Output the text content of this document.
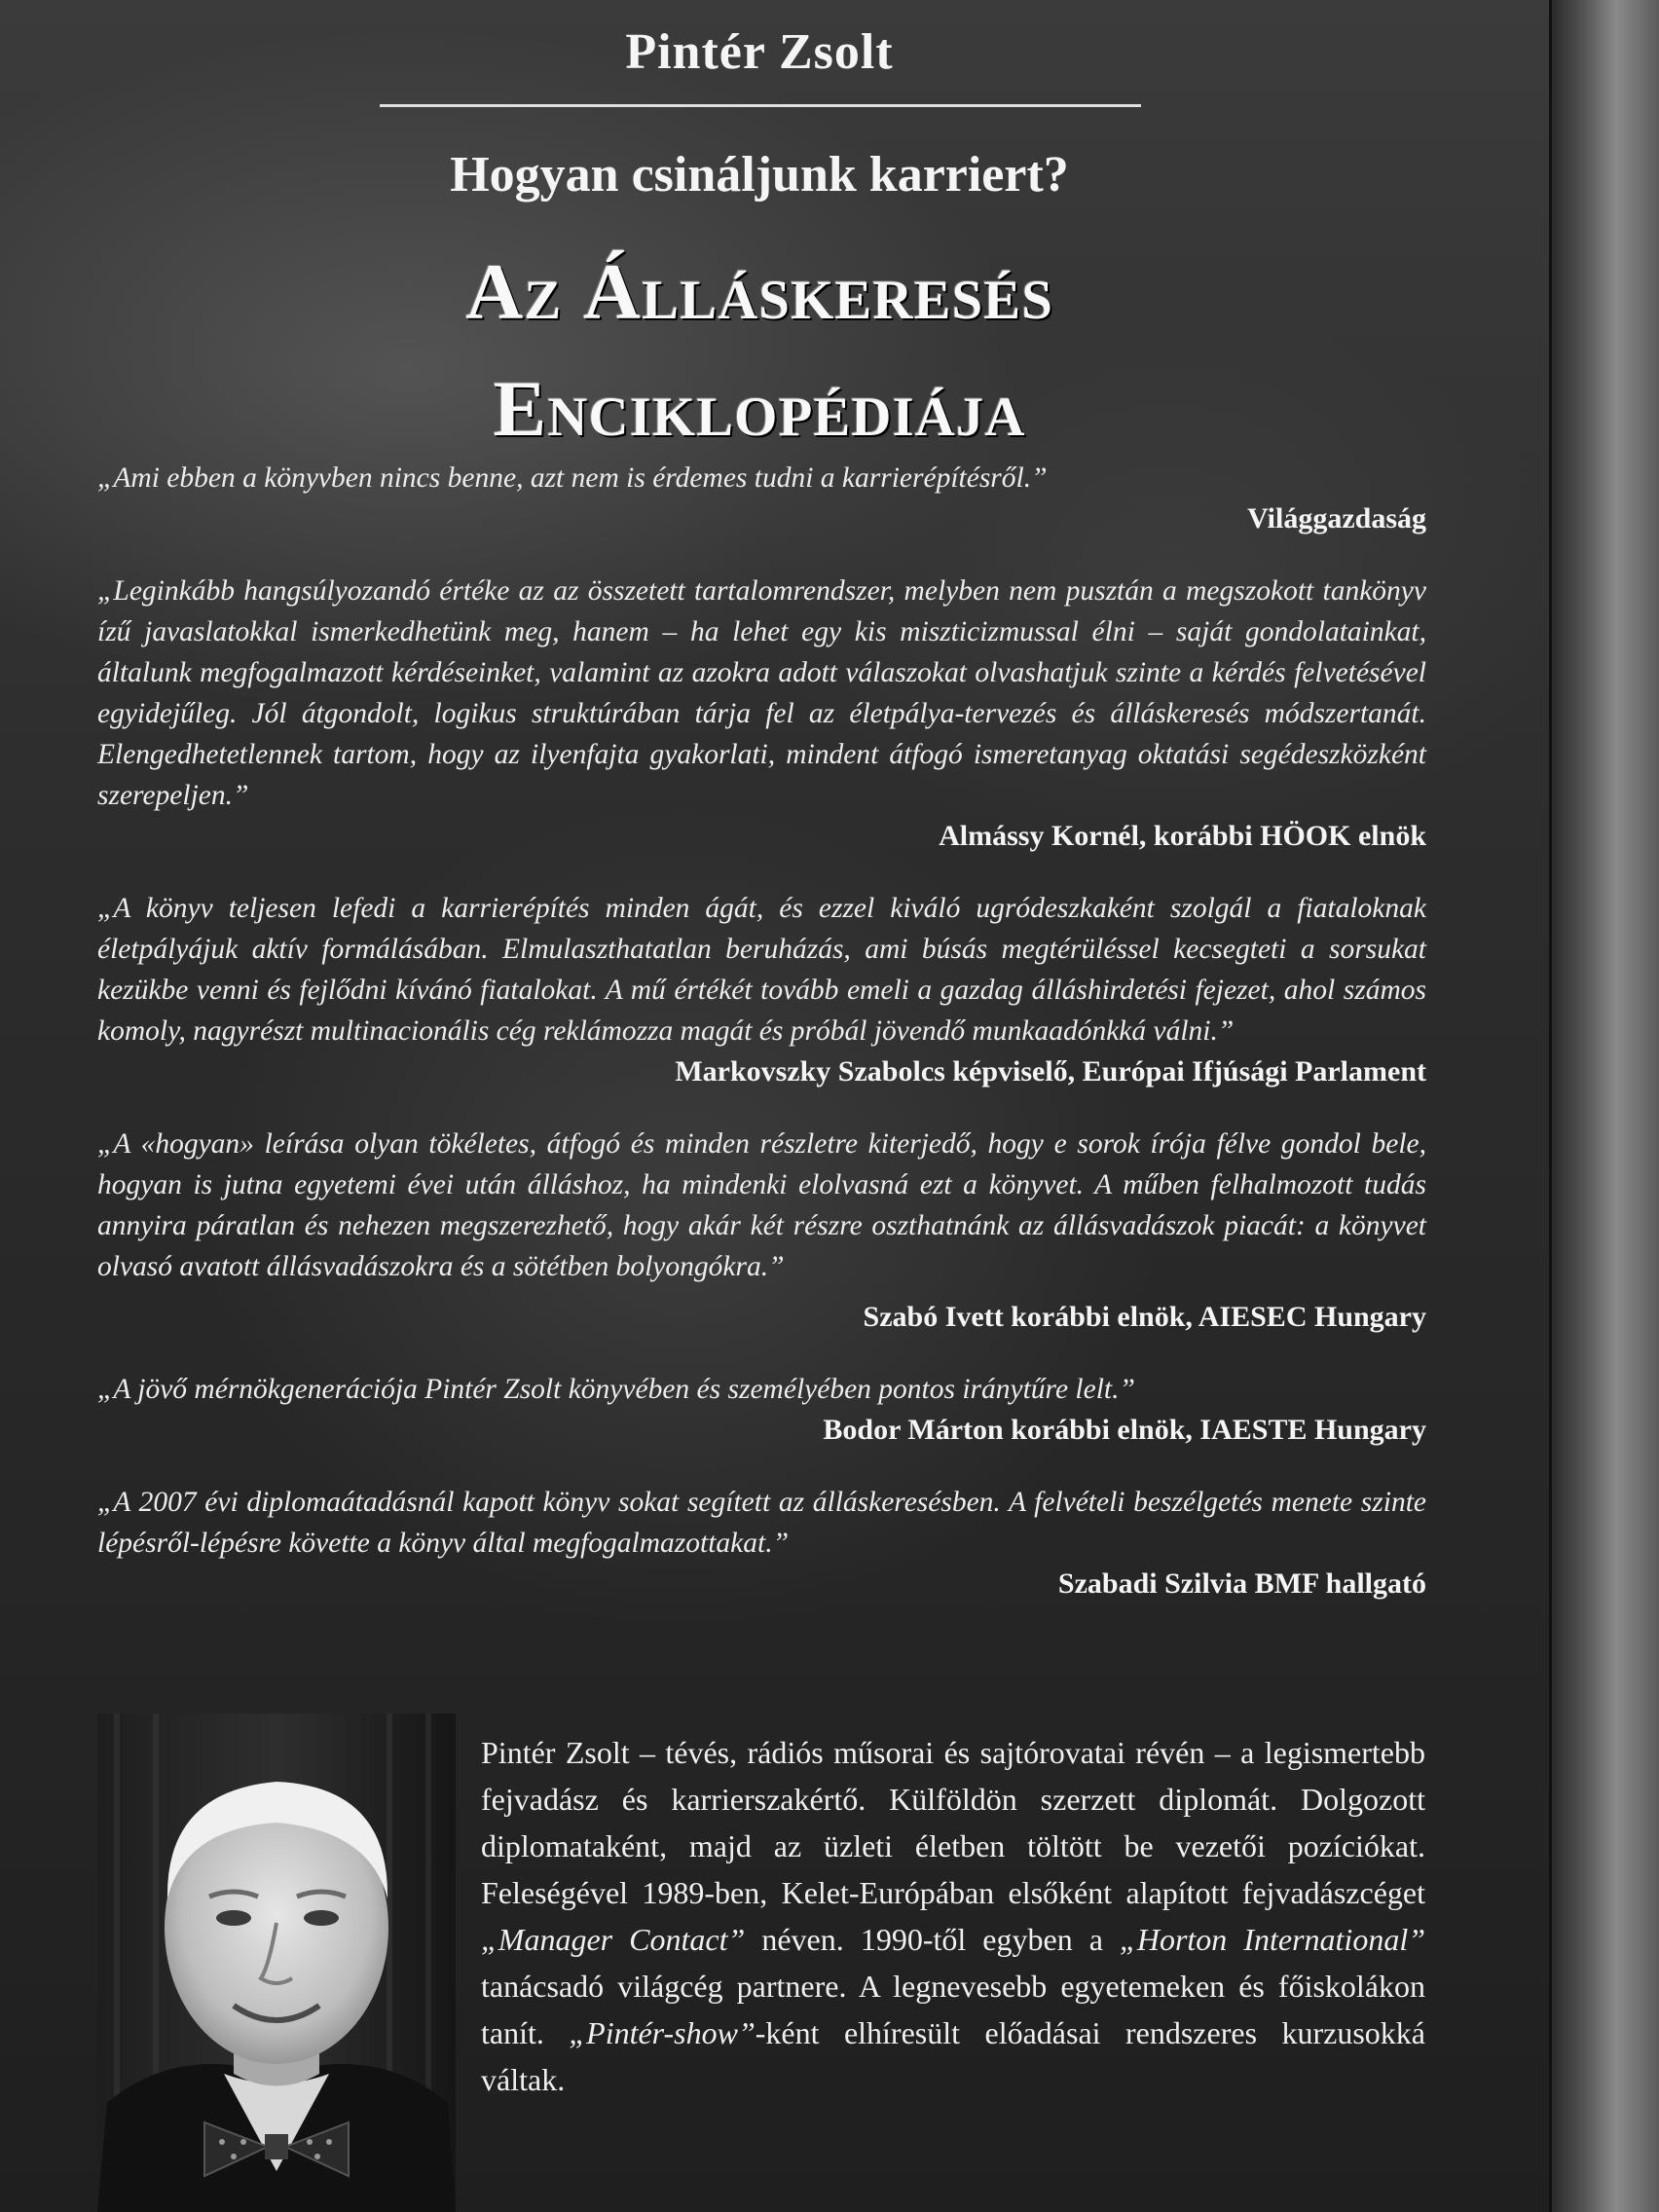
Pintér Zsolt
Hogyan csináljunk karriert?
Az Álláskeresés
Enciklopédiája
„Ami ebben a könyvben nincs benne, azt nem is érdemes tudni a karrierépítésről.”
Világgazdaság
„Leginkább hangsúlyozandó értéke az az összetett tartalomrendszer, melyben nem pusztán a megszokott tankönyv ízű javaslatokkal ismerkedhetünk meg, hanem – ha lehet egy kis miszticizmussal élni – saját gondolatainkat, általunk megfogalmazott kérdéseinket, valamint az azokra adott válaszokat olvashatjuk szinte a kérdés felvetésével egyidejűleg. Jól átgondolt, logikus struktúrában tárja fel az életpálya-tervezés és álláskeresés módszertanát. Elengedhetetlennek tartom, hogy az ilyenfajta gyakorlati, mindent átfogó ismeretanyag oktatási segédeszközként szerepeljen.”
Almássy Kornél, korábbi HÖOK elnök
„A könyv teljesen lefedi a karrierépítés minden ágát, és ezzel kiváló ugródeszkaként szolgál a fiataloknak életpályájuk aktív formálásában. Elmulaszthatatlan beruházás, ami búsás megtérüléssel kecsegteti a sorsukat kezükbe venni és fejlődni kívánó fiatalokat. A mű értékét tovább emeli a gazdag álláshirdetési fejezet, ahol számos komoly, nagyrészt multinacionális cég reklámozza magát és próbál jövendő munkaadónkká válni.”
Markovszky Szabolcs képviselő, Európai Ifjúsági Parlament
„A «hogyan» leírása olyan tökéletes, átfogó és minden részletre kiterjedő, hogy e sorok írója félve gondol bele, hogyan is jutna egyetemi évei után álláshoz, ha mindenki elolvasná ezt a könyvet. A műben felhalmozott tudás annyira páratlan és nehezen megszerezhető, hogy akár két részre oszthatnánk az állásvadászok piacát: a könyvet olvasó avatott állásvadászokra és a sötétben bolyongókra.”
Szabó Ivett korábbi elnök, AIESEC Hungary
„A jövő mérnökgenerációja Pintér Zsolt könyvében és személyében pontos iránytűre lelt.”
Bodor Márton korábbi elnök, IAESTE Hungary
„A 2007 évi diplomaátadásnál kapott könyv sokat segített az álláskeresésben. A felvételi beszélgetés menete szinte lépésről-lépésre követte a könyv által megfogalmazottakat.”
Szabadi Szilvia BMF hallgató
Pintér Zsolt – tévés, rádiós műsorai és sajtórovatai révén – a legismertebb fejvadász és karrierszakértő. Külföldön szerzett diplomát. Dolgozott diplomataként, majd az üzleti életben töltött be vezetői pozíciókat. Feleségével 1989-ben, Kelet-Európában elsőként alapított fejvadászcéget „Manager Contact” néven. 1990-től egyben a „Horton International” tanácsadó világcég partnere. A legnevesebb egyetemeken és főiskolákon tanít. „Pintér-show”-ként elhíresült előadásai rendszeres kurzusokká váltak.
